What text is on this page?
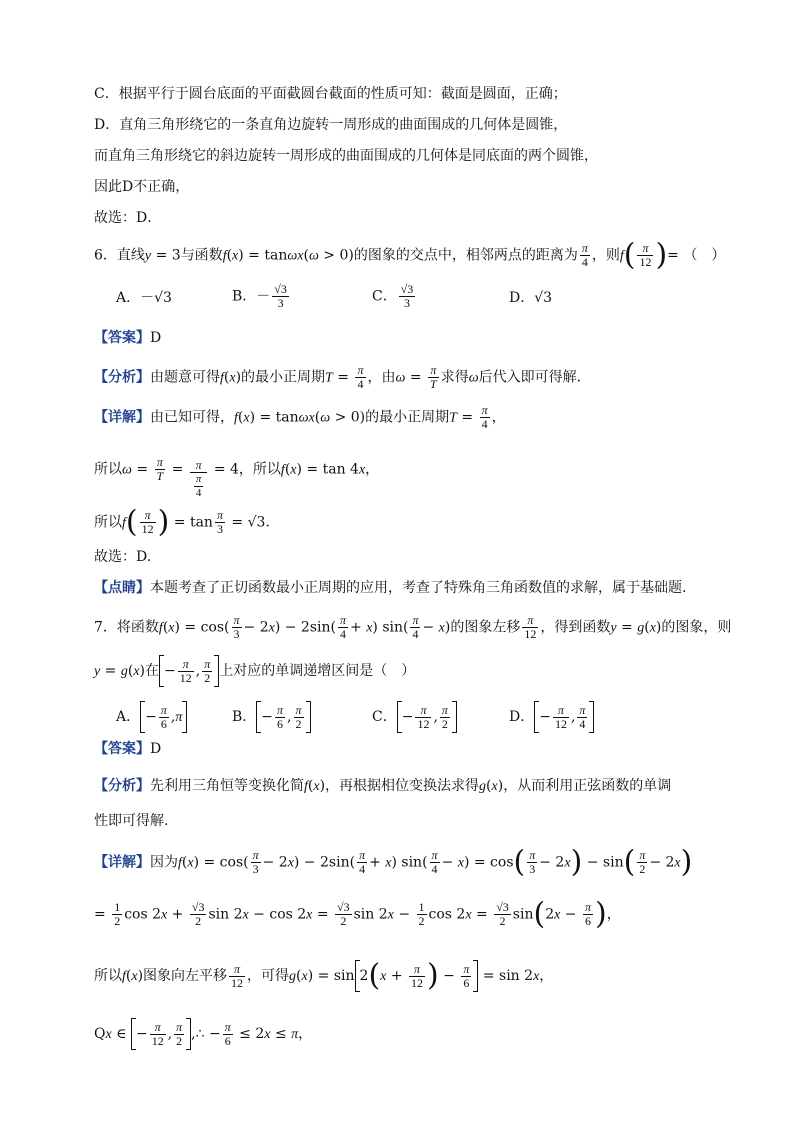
C．根据平行于圆台底面的平面截圆台截面的性质可知：截面是圆面，正确；
D．直角三角形绕它的一条直角边旋转一周形成的曲面围成的几何体是圆锥，
而直角三角形绕它的斜边旋转一周形成的曲面围成的几何体是同底面的两个圆锥，
因此D不正确，
故选：D．
6．直线y = 3与函数f(x) = tanωx(ω > 0)的图象的交点中，相邻两点的距离为 $\frac{\pi}{4}$ ，则$f( \frac{\pi}{12}$ )= （　）
A．－√3	B．－ $\frac{√3}{3}$	C． $\frac{√3}{3}$	D．√3
【答案】D
【分析】由题意可得f(x)的最小正周期$T = \frac{\pi}{4}$ ，由$\omega = \frac{\pi}{T}$ 求得ω后代入即可得解.
【详解】由已知可得，f(x) = tanωx(ω > 0)的最小正周期$T = \frac{\pi}{4}$ ，
所以$\omega = \frac{\pi}{T} = \frac{\pi}{\frac{\pi}{4}} = 4$，所以f(x) = tan 4x，
所以$f( \frac{\pi}{12}$ ) = $\tan \frac{\pi}{3} = √3$．
故选：D.
【点睛】本题考查了正切函数最小正周期的应用，考查了特殊角三角函数值的求解，属于基础题.
7．将函数$f(x) = \cos( \frac{\pi}{3} - 2x) - 2\sin( \frac{\pi}{4} + x)$ $\sin( \frac{\pi}{4} - x)$的图象左移 $\frac{\pi}{12}$ ，得到函数y = g(x)的图象，则
y = g(x)在 − $\frac{\pi}{12}$ , $\frac{\pi}{2}$ 上对应的单调递增区间是（　）
A． − $\frac{\pi}{6} ,\pi$	B． − $\frac{\pi}{6}$ , $\frac{\pi}{2}$	C． − $\frac{\pi}{12}$ , $\frac{\pi}{2}$	D． − $\frac{\pi}{12}$ , $\frac{\pi}{4}$
【答案】D
【分析】先利用三角恒等变换化简f(x)，再根据相位变换法求得g(x)，从而利用正弦函数的单调
性即可得解.
【详解】因为$f(x) = \cos( \frac{\pi}{3} - 2x) - 2\sin( \frac{\pi}{4} + x)$ $\sin( \frac{\pi}{4} - x) = \cos( \frac{\pi}{3} - 2x) - \sin( \frac{\pi}{2} - 2x)$
= $\frac{1}{2}$ $\cos 2x + \frac{√3}{2}$ $\sin 2x - \cos 2x = \frac{√3}{2}$ $\sin 2x - \frac{1}{2}$ $\cos 2x = \frac{√3}{2} \sin(2x - \frac{\pi}{6}$ )，
所以f(x)图象向左平移 $\frac{\pi}{12}$ ，可得$g(x) = \sin 2(x + \frac{\pi}{12}$ ) − $\frac{\pi}{6} = \sin 2x$，
Qx ∈ − $\frac{\pi}{12}$ , $\frac{\pi}{2}$ ,∴ − $\frac{\pi}{6} \le 2x \le \pi$，
